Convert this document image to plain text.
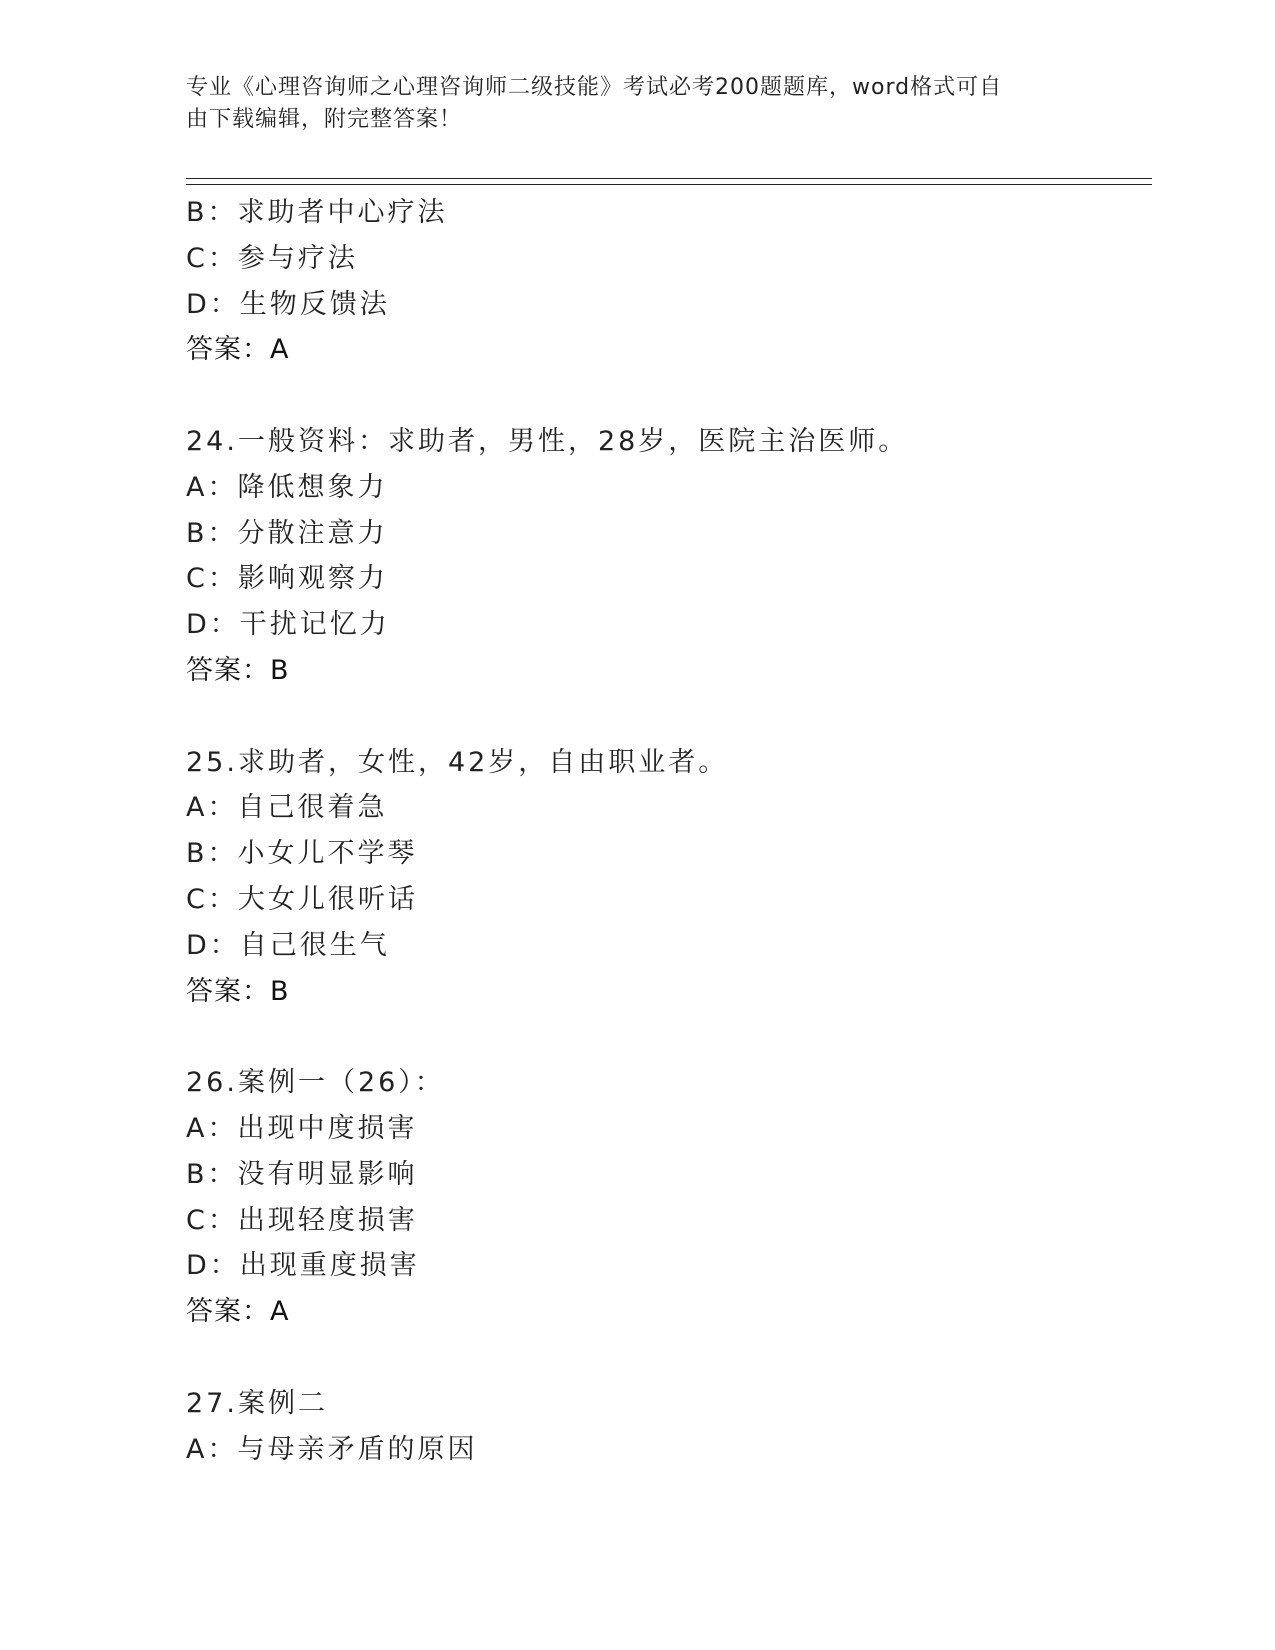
专业《心理咨询师之心理咨询师二级技能》考试必考200题题库，word格式可自
由下载编辑，附完整答案！
B：求助者中心疗法
C：参与疗法
D：生物反馈法
答案：A
24.一般资料：求助者，男性，28岁，医院主治医师。
A：降低想象力
B：分散注意力
C：影响观察力
D：干扰记忆力
答案：B
25.求助者，女性，42岁，自由职业者。
A：自己很着急
B：小女儿不学琴
C：大女儿很听话
D：自己很生气
答案：B
26.案例一（26）：
A：出现中度损害
B：没有明显影响
C：出现轻度损害
D：出现重度损害
答案：A
27.案例二
A：与母亲矛盾的原因
